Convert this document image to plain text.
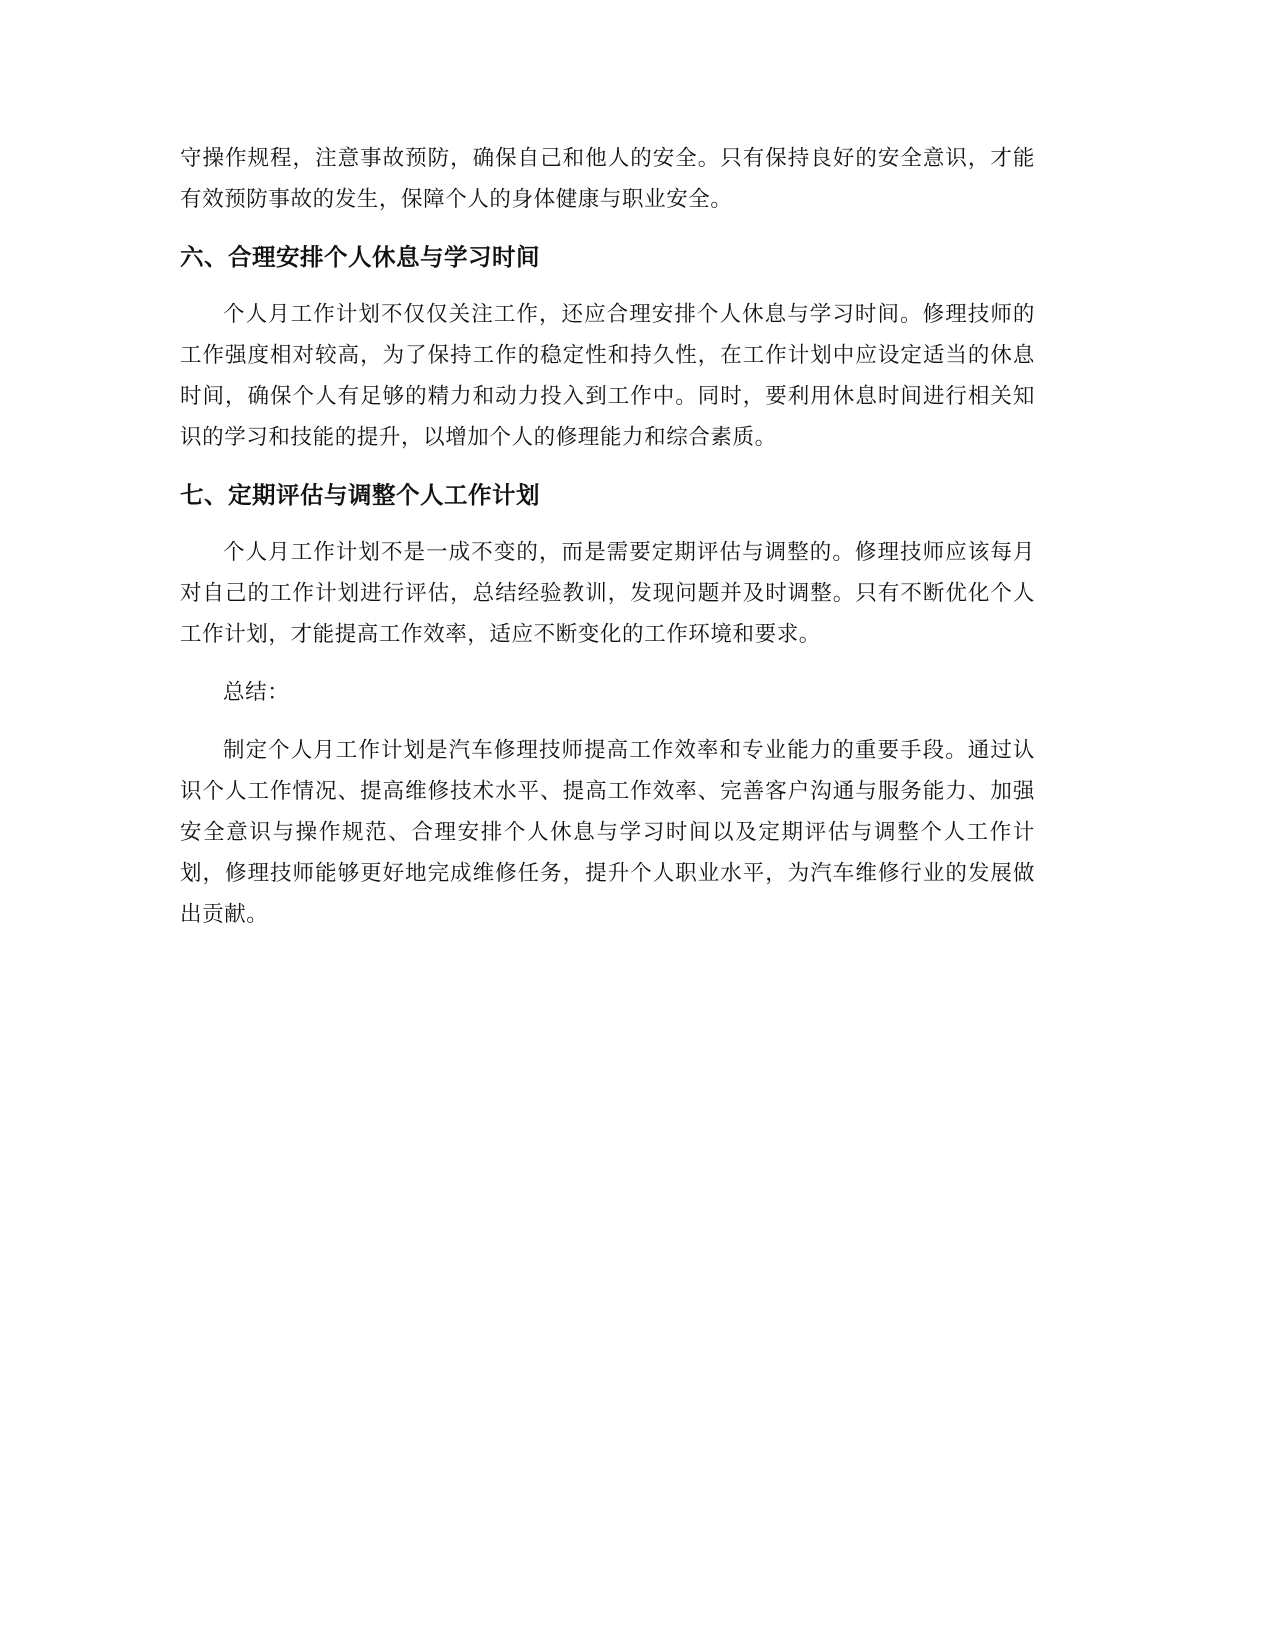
守操作规程，注意事故预防，确保自己和他人的安全。只有保持良好的安全意识，才能有效预防事故的发生，保障个人的身体健康与职业安全。

六、合理安排个人休息与学习时间

个人月工作计划不仅仅关注工作，还应合理安排个人休息与学习时间。修理技师的工作强度相对较高，为了保持工作的稳定性和持久性，在工作计划中应设定适当的休息时间，确保个人有足够的精力和动力投入到工作中。同时，要利用休息时间进行相关知识的学习和技能的提升，以增加个人的修理能力和综合素质。

七、定期评估与调整个人工作计划

个人月工作计划不是一成不变的，而是需要定期评估与调整的。修理技师应该每月对自己的工作计划进行评估，总结经验教训，发现问题并及时调整。只有不断优化个人工作计划，才能提高工作效率，适应不断变化的工作环境和要求。

总结：

制定个人月工作计划是汽车修理技师提高工作效率和专业能力的重要手段。通过认识个人工作情况、提高维修技术水平、提高工作效率、完善客户沟通与服务能力、加强安全意识与操作规范、合理安排个人休息与学习时间以及定期评估与调整个人工作计划，修理技师能够更好地完成维修任务，提升个人职业水平，为汽车维修行业的发展做出贡献。
